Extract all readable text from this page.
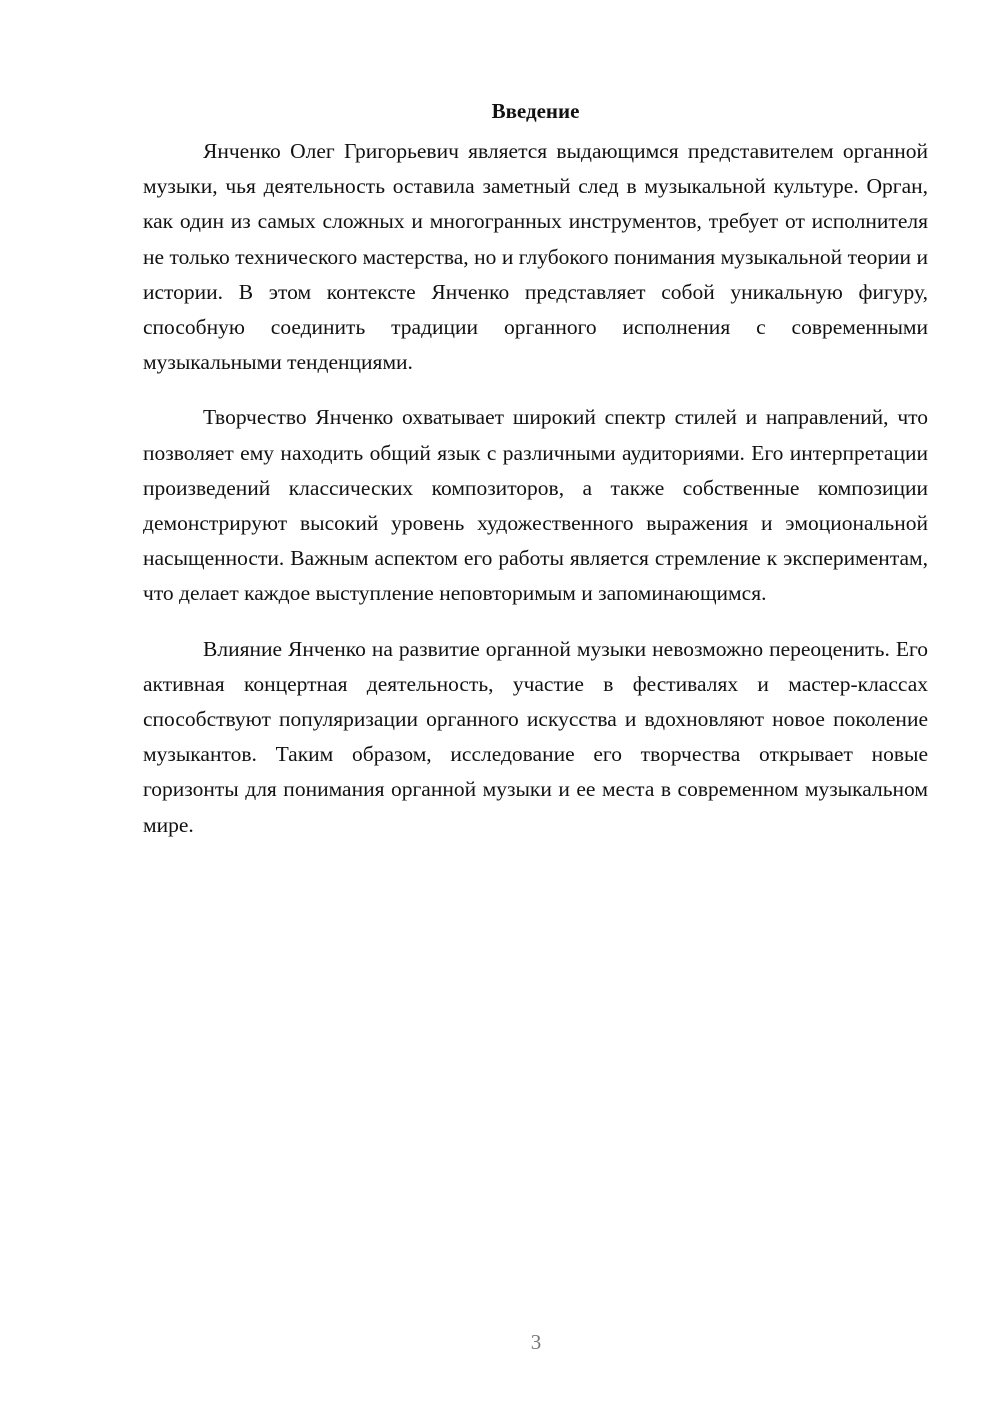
Введение

Янченко Олег Григорьевич является выдающимся представителем органной музыки, чья деятельность оставила заметный след в музыкальной культуре. Орган, как один из самых сложных и многогранных инструментов, требует от исполнителя не только технического мастерства, но и глубокого понимания музыкальной теории и истории. В этом контексте Янченко представляет собой уникальную фигуру, способную соединить традиции органного исполнения с современными музыкальными тенденциями.

Творчество Янченко охватывает широкий спектр стилей и направлений, что позволяет ему находить общий язык с различными аудиториями. Его интерпретации произведений классических композиторов, а также собственные композиции демонстрируют высокий уровень художественного выражения и эмоциональной насыщенности. Важным аспектом его работы является стремление к экспериментам, что делает каждое выступление неповторимым и запоминающимся.

Влияние Янченко на развитие органной музыки невозможно переоценить. Его активная концертная деятельность, участие в фестивалях и мастер-классах способствуют популяризации органного искусства и вдохновляют новое поколение музыкантов. Таким образом, исследование его творчества открывает новые горизонты для понимания органной музыки и ее места в современном музыкальном мире.

3
